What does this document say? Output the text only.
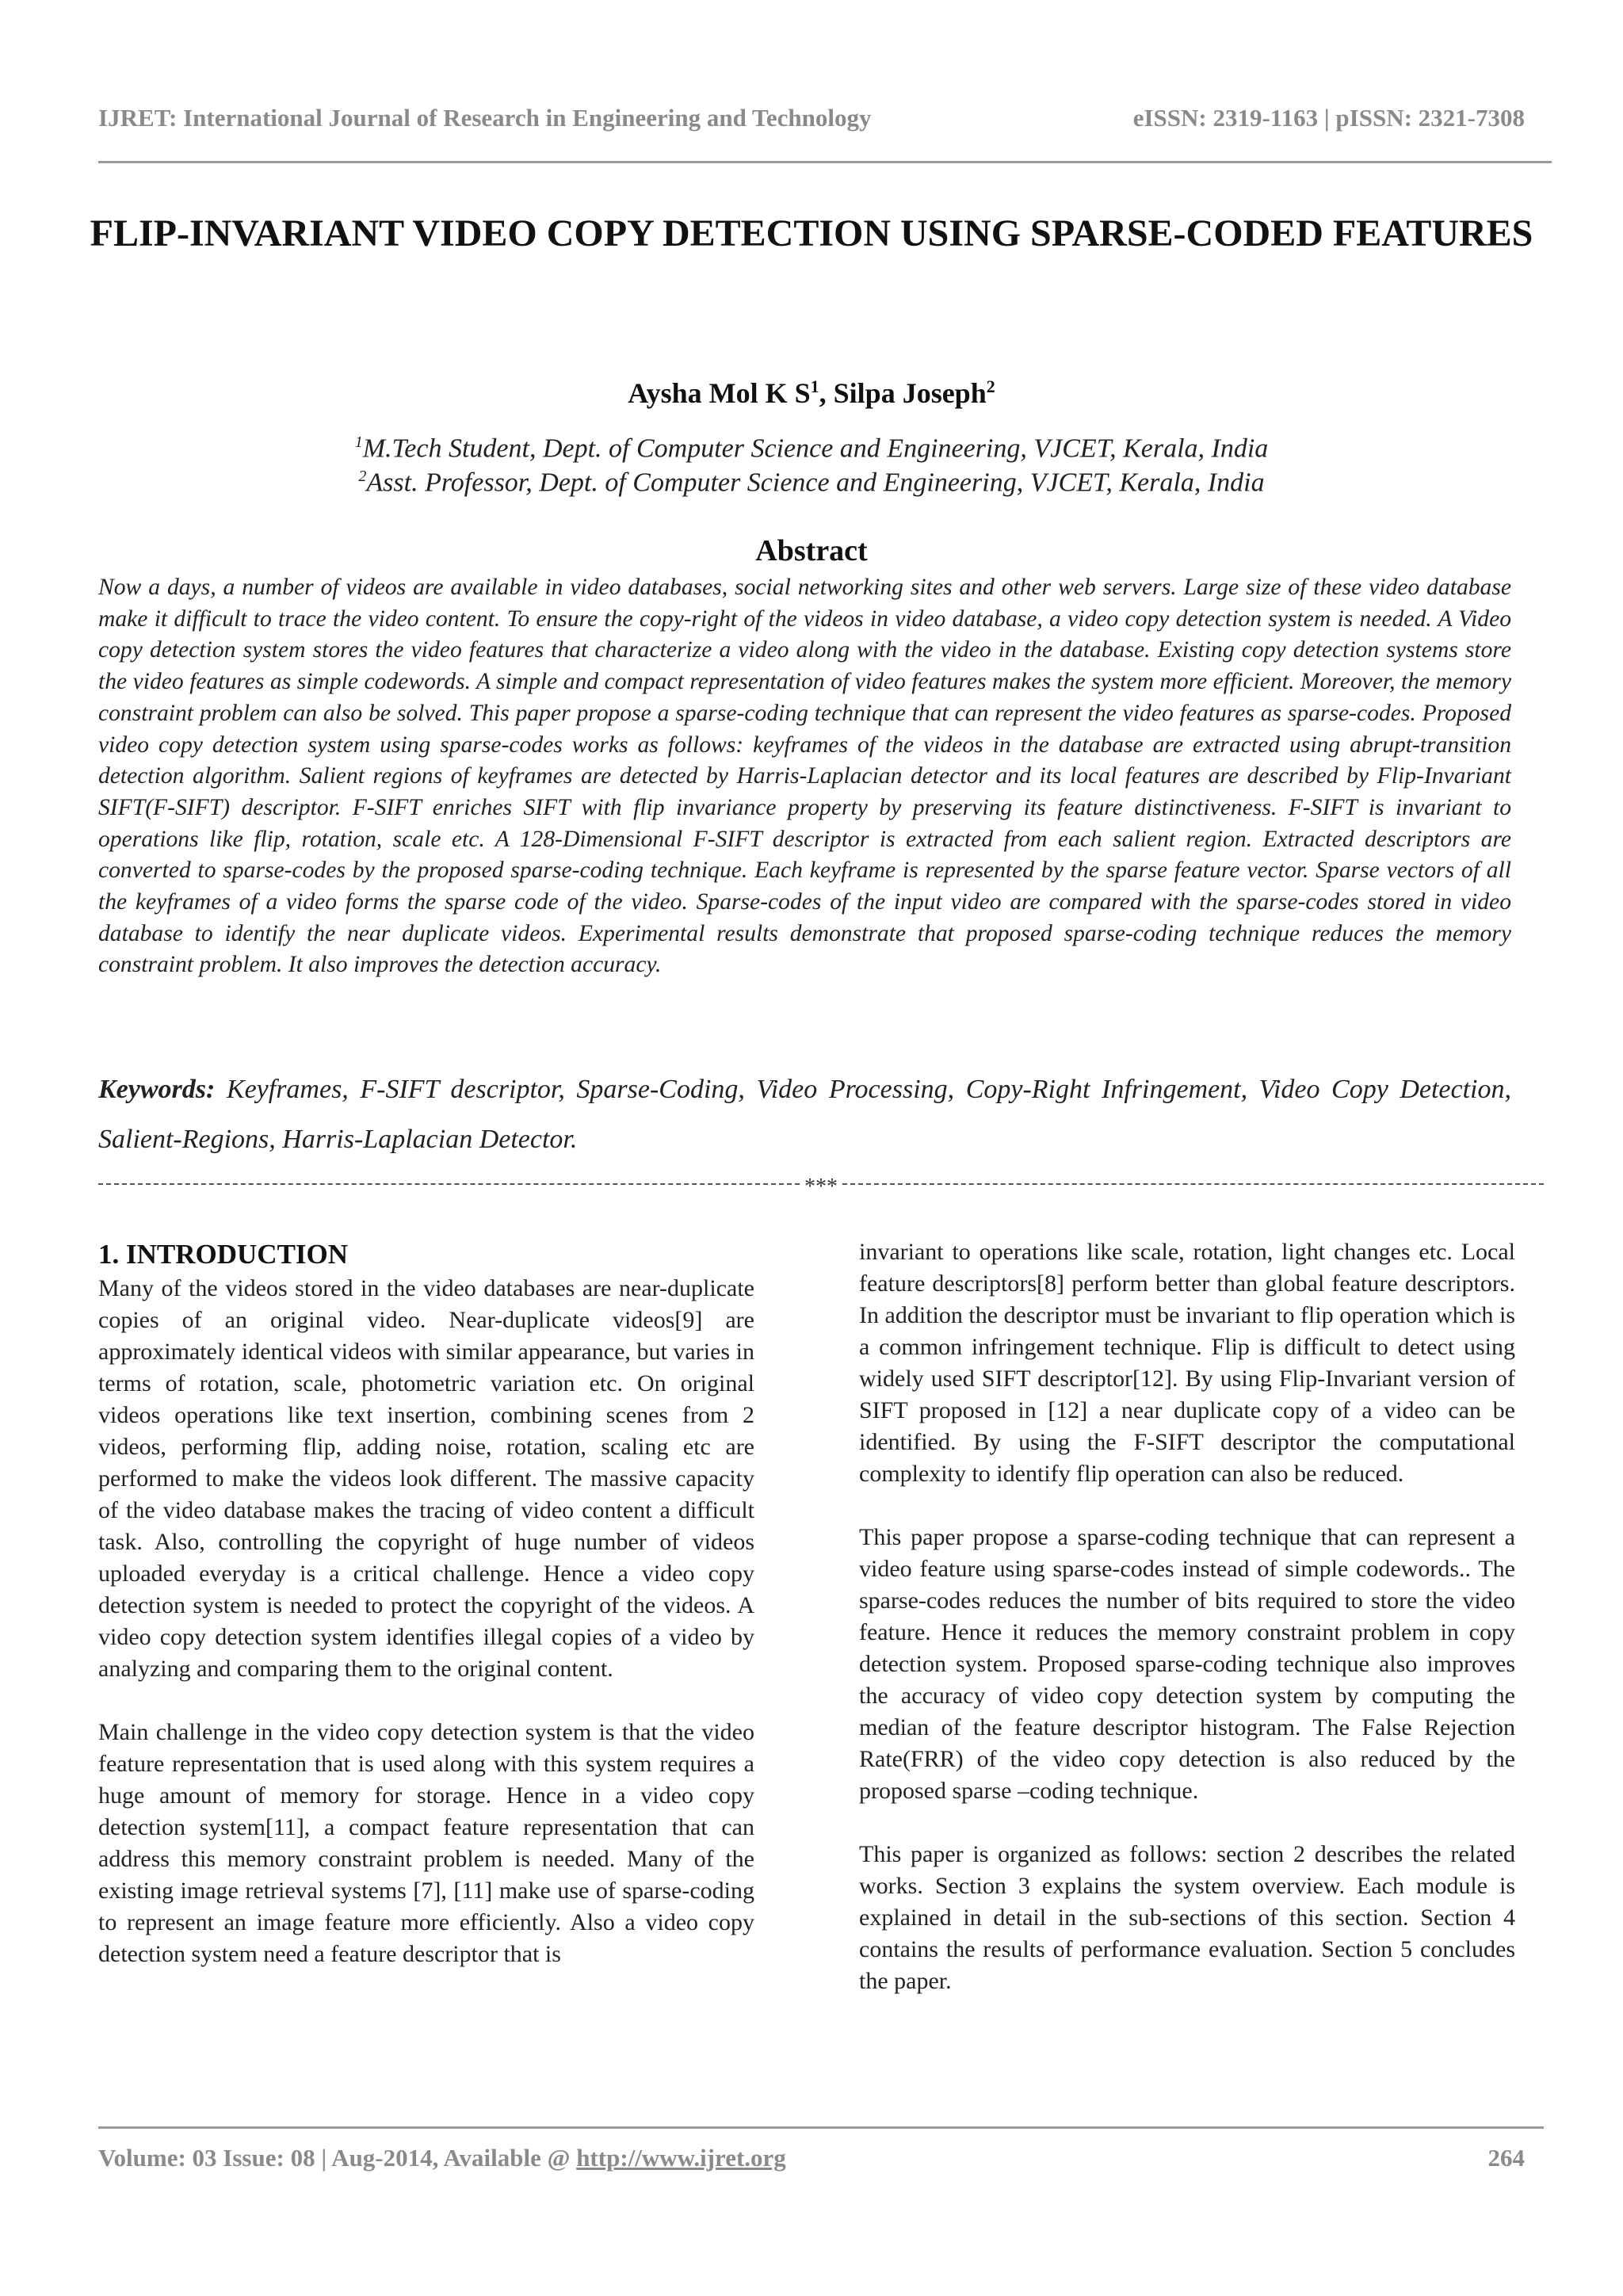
IJRET: International Journal of Research in Engineering and Technology	eISSN: 2319-1163 | pISSN: 2321-7308
FLIP-INVARIANT VIDEO COPY DETECTION USING SPARSE-CODED FEATURES
Aysha Mol K $S^1$, Silpa Joseph$^2$
$^1$M.Tech Student, Dept. of Computer Science and Engineering, VJCET, Kerala, India
$^2$Asst. Professor, Dept. of Computer Science and Engineering, VJCET, Kerala, India
Abstract
Now a days, a number of videos are available in video databases, social networking sites and other web servers. Large size of these video database make it difficult to trace the video content. To ensure the copy-right of the videos in video database, a video copy detection system is needed. A Video copy detection system stores the video features that characterize a video along with the video in the database. Existing copy detection systems store the video features as simple codewords. A simple and compact representation of video features makes the system more efficient. Moreover, the memory constraint problem can also be solved. This paper propose a sparse-coding technique that can represent the video features as sparse-codes. Proposed video copy detection system using sparse-codes works as follows: keyframes of the videos in the database are extracted using abrupt-transition detection algorithm. Salient regions of keyframes are detected by Harris-Laplacian detector and its local features are described by Flip-Invariant SIFT(F-SIFT) descriptor. F-SIFT enriches SIFT with flip invariance property by preserving its feature distinctiveness. F-SIFT is invariant to operations like flip, rotation, scale etc. A 128-Dimensional F-SIFT descriptor is extracted from each salient region. Extracted descriptors are converted to sparse-codes by the proposed sparse-coding technique. Each keyframe is represented by the sparse feature vector. Sparse vectors of all the keyframes of a video forms the sparse code of the video. Sparse-codes of the input video are compared with the sparse-codes stored in video database to identify the near duplicate videos. Experimental results demonstrate that proposed sparse-coding technique reduces the memory constraint problem. It also improves the detection accuracy.
Keywords: Keyframes, F-SIFT descriptor, Sparse-Coding, Video Processing, Copy-Right Infringement, Video Copy Detection, Salient-Regions, Harris-Laplacian Detector.
***

1. INTRODUCTION

Many of the videos stored in the video databases are near-duplicate copies of an original video. Near-duplicate videos[9] are approximately identical videos with similar appearance, but varies in terms of rotation, scale, photometric variation etc. On original videos operations like text insertion, combining scenes from 2 videos, performing flip, adding noise, rotation, scaling etc are performed to make the videos look different. The massive capacity of the video database makes the tracing of video content a difficult task. Also, controlling the copyright of huge number of videos uploaded everyday is a critical challenge. Hence a video copy detection system is needed to protect the copyright of the videos. A video copy detection system identifies illegal copies of a video by analyzing and comparing them to the original content.

Main challenge in the video copy detection system is that the video feature representation that is used along with this system requires a huge amount of memory for storage. Hence in a video copy detection system[11], a compact feature representation that can address this memory constraint problem is needed. Many of the existing image retrieval systems [7], [11] make use of sparse-coding to represent an image feature more efficiently. Also a video copy detection system need a feature descriptor that is

invariant to operations like scale, rotation, light changes etc. Local feature descriptors[8] perform better than global feature descriptors. In addition the descriptor must be invariant to flip operation which is a common infringement technique. Flip is difficult to detect using widely used SIFT descriptor[12]. By using Flip-Invariant version of SIFT proposed in [12] a near duplicate copy of a video can be identified. By using the F-SIFT descriptor the computational complexity to identify flip operation can also be reduced.

This paper propose a sparse-coding technique that can represent a video feature using sparse-codes instead of simple codewords.. The sparse-codes reduces the number of bits required to store the video feature. Hence it reduces the memory constraint problem in copy detection system. Proposed sparse-coding technique also improves the accuracy of video copy detection system by computing the median of the feature descriptor histogram. The False Rejection Rate(FRR) of the video copy detection is also reduced by the proposed sparse –coding technique.

This paper is organized as follows: section 2 describes the related works. Section 3 explains the system overview. Each module is explained in detail in the sub-sections of this section. Section 4 contains the results of performance evaluation. Section 5 concludes the paper.

Volume: 03 Issue: 08 | Aug-2014, Available @ http://www.ijret.org	264
